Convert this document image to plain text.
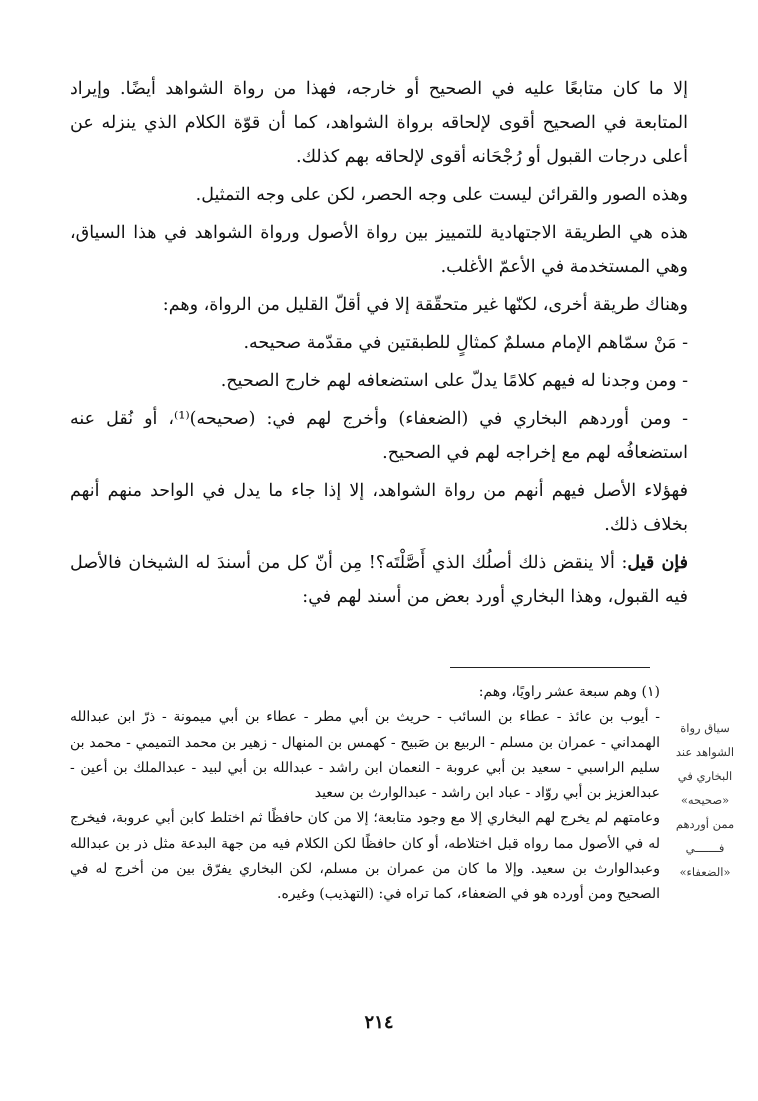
إلا ما كان متابعًا عليه في الصحيح أو خارجه، فهذا من رواة الشواهد أيضًا. وإيراد المتابعة في الصحيح أقوى لإلحاقه برواة الشواهد، كما أن قوّة الكلام الذي ينزله عن أعلى درجات القبول أو رُجْحَانه أقوى لإلحاقه بهم كذلك.

وهذه الصور والقرائن ليست على وجه الحصر، لكن على وجه التمثيل.

هذه هي الطريقة الاجتهادية للتمييز بين رواة الأصول ورواة الشواهد في هذا السياق، وهي المستخدمة في الأعمّ الأغلب.

وهناك طريقة أخرى، لكنّها غير متحقّقة إلا في أقلّ القليل من الرواة، وهم:

- مَنْ سمّاهم الإمام مسلمٌ كمثالٍ للطبقتين في مقدّمة صحيحه.

- ومن وجدنا له فيهم كلامًا يدلّ على استضعافه لهم خارج الصحيح.

- ومن أوردهم البخاري في (الضعفاء) وأخرج لهم في: (صحيحه)⁽¹⁾، أو نُقل عنه استضعافُه لهم مع إخراجه لهم في الصحيح.

فهؤلاء الأصل فيهم أنهم من رواة الشواهد، إلا إذا جاء ما يدل في الواحد منهم أنهم بخلاف ذلك.

فإن قيل: ألا ينقض ذلك أصلُك الذي أَصَّلْتَه؟! مِن أنّ كل من أسندَ له الشيخان فالأصل فيه القبول، وهذا البخاري أورد بعض من أسند لهم في:

(١) وهم سبعة عشر راويًا، وهم:

- أيوب بن عائذ - عطاء بن السائب - حريث بن أبي مطر - عطاء بن أبي ميمونة - ذرّ ابن عبدالله الهمداني - عمران بن مسلم - الربيع بن صَبيح - كهمس بن المنهال - زهير بن محمد التميمي - محمد بن سليم الراسبي - سعيد بن أبي عروبة - النعمان ابن راشد - عبدالله بن أبي لبيد - عبدالملك بن أعين - عبدالعزيز بن أبي روّاد - عباد ابن راشد - عبدالوارث بن سعيد

وعامتهم لم يخرج لهم البخاري إلا مع وجود متابعة؛ إلا من كان حافظًا ثم اختلط كابن أبي عروبة، فيخرج له في الأصول مما رواه قبل اختلاطه، أو كان حافظًا لكن الكلام فيه من جهة البدعة مثل ذر بن عبدالله وعبدالوارث بن سعيد. وإلا ما كان من عمران بن مسلم، لكن البخاري يفرّق بين من أخرج له في الصحيح ومن أورده هو في الضعفاء، كما تراه في: (التهذيب) وغيره.

سياق رواة

الشواهد عند

البخاري في

«صحيحه»

ممن أوردهم

فـــــــي

«الضعفاء»

٢١٤
